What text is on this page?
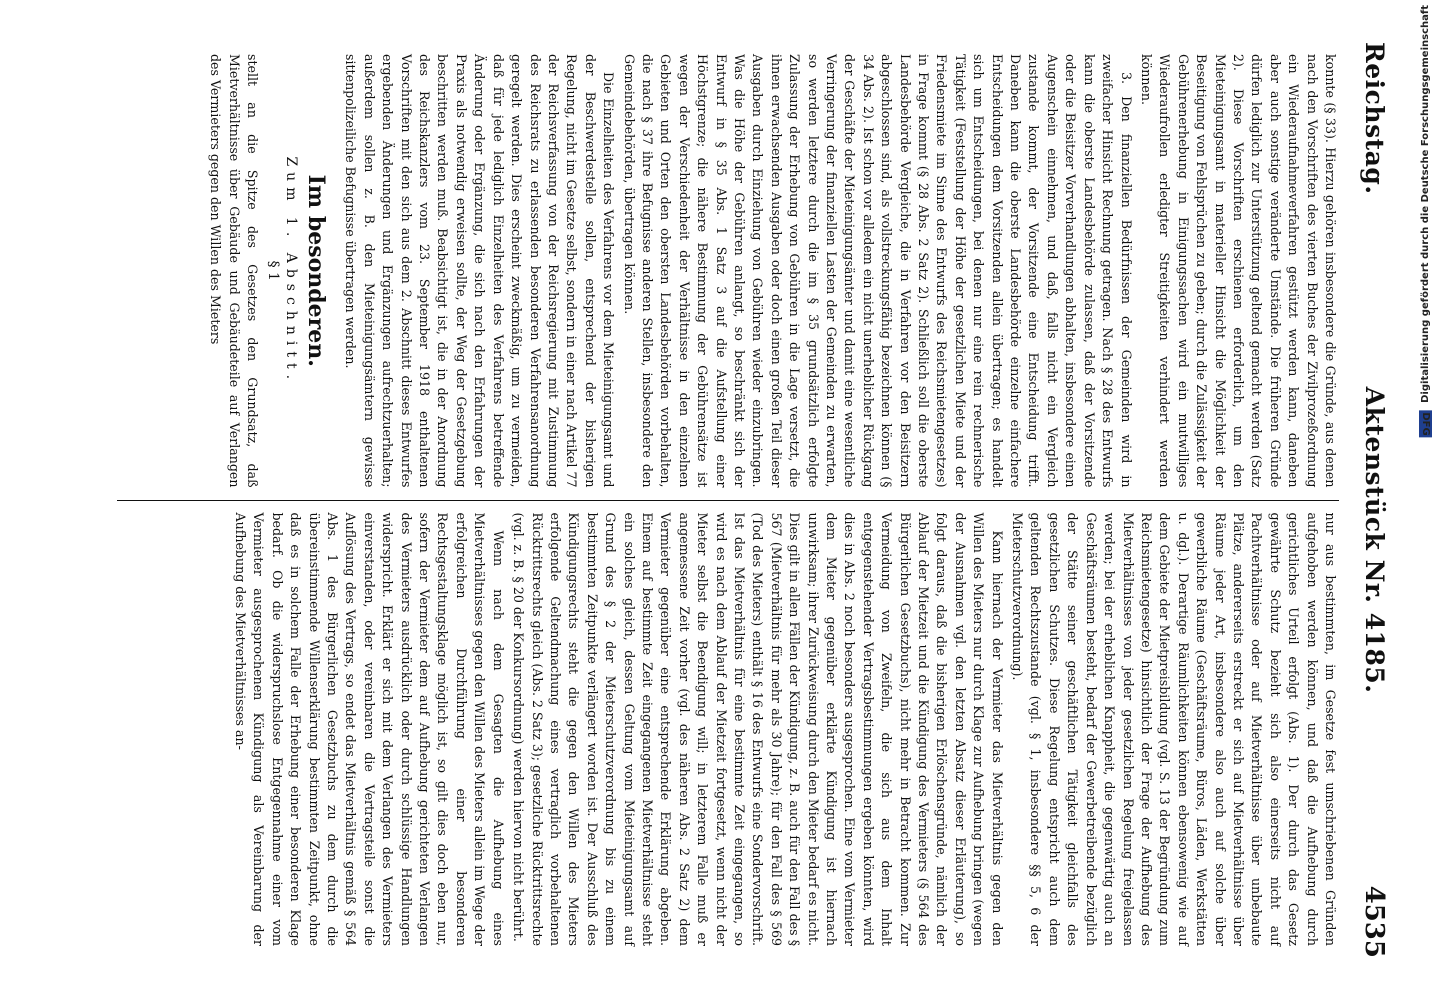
Reichstag.
Aktenstück Nr. 4185.
4535

konnte (§ 33). Hierzu gehören insbesondere die Gründe, aus denen nach den Vorschriften des vierten Buches der Zivilprozeßordnung ein Wiederaufnahmeverfahren gestützt werden kann, daneben aber auch sonstige veränderte Umstände. Die früheren Gründe dürfen lediglich zur Unterstützung geltend gemacht werden (Satz 2). Diese Vorschriften erschienen erforderlich, um den Mieteinigungsamt in materieller Hinsicht die Möglichkeit der Beseitigung von Fehlsprüchen zu geben; durch die Zulässigkeit der Gebührenerhebung in Einigungssachen wird ein mutwilliges Wiederaufrollen erledigter Streitigkeiten verhindert werden können.

3. Den finanziellen Bedürfnissen der Gemeinden wird in zweifacher Hinsicht Rechnung getragen. Nach § 28 des Entwurfs kann die oberste Landesbehörde zulassen, daß der Vorsitzende oder die Beisitzer Vorverhandlungen abhalten, insbesondere einen Augenschein einnehmen, und daß, falls nicht ein Vergleich zustande kommt, der Vorsitzende eine Entscheidung trifft. Daneben kann die oberste Landesbehörde einzelne einfachere Entscheidungen dem Vorsitzenden allein übertragen; es handelt sich um Entscheidungen, bei denen nur eine rein rechnerische Tätigkeit (Feststellung der Höhe der gesetzlichen Miete und der Friedensmiete im Sinne des Entwurfs des Reichsmietengesetzes) in Frage kommt (§ 28 Abs. 2 Satz 2). Schließlich soll die oberste Landesbehörde Vergleiche, die in Verfahren vor den Beisitzern abgeschlossen sind, als vollstreckungsfähig bezeichnen können (§ 34 Abs. 2). Ist schon vor alledem ein nicht unerheblicher Rückgang der Geschäfte der Mieteinigungsämter und damit eine wesentliche Verringerung der finanziellen Lasten der Gemeinden zu erwarten, so werden letztere durch die im § 35 grundsätzlich erfolgte Zulassung der Erhebung von Gebühren in die Lage versetzt, die ihnen erwachsenden Ausgaben oder doch einen großen Teil dieser Ausgaben durch Einziehung von Gebühren wieder einzubringen. Was die Höhe der Gebühren anlangt, so beschränkt sich der Entwurf in § 35 Abs. 1 Satz 3 auf die Aufstellung einer Höchstgrenze; die nähere Bestimmung der Gebührensätze ist wegen der Verschiedenheit der Verhältnisse in den einzelnen Gebieten und Orten den obersten Landesbehörden vorbehalten, die nach § 37 ihre Befugnisse anderen Stellen, insbesondere den Gemeindebehörden, übertragen können.

Die Einzelheiten des Verfahrens vor dem Mieteinigungsamt und der Beschwerdestelle sollen, entsprechend der bisherigen Regelung, nicht im Gesetze selbst, sondern in einer nach Artikel 77 der Reichsverfassung von der Reichsregierung mit Zustimmung des Reichsrats zu erlassenden besonderen Verfahrensanordnung geregelt werden. Dies erscheint zweckmäßig, um zu vermeiden, daß für jede lediglich Einzelheiten des Verfahrens betreffende Änderung oder Ergänzung, die sich nach den Erfahrungen der Praxis als notwendig erweisen sollte, der Weg der Gesetzgebung beschritten werden muß. Beabsichtigt ist, die in der Anordnung des Reichskanzlers vom 23. September 1918 enthaltenen Vorschriften mit den sich aus dem 2. Abschnitt dieses Entwurfes ergebenden Änderungen und Ergänzungen aufrechtzuerhalten; außerdem sollen z. B. den Mieteinigungsämtern gewisse sittenpolizeiliche Befugnisse übertragen werden.

Im besonderen.
Zum 1. Abschnitt.
§ 1

stellt an die Spitze des Gesetzes den Grundsatz, daß Mietverhältnisse über Gebäude und Gebäudeteile auf Verlangen des Vermieters gegen den Willen des Mieters

nur aus bestimmten, im Gesetze fest umschriebenen Gründen aufgehoben werden können, und daß die Aufhebung durch gerichtliches Urteil erfolgt (Abs. 1). Der durch das Gesetz gewährte Schutz bezieht sich also einerseits nicht auf Pachtverhältnisse oder auf Mietverhältnisse über unbebaute Plätze, andererseits erstreckt er sich auf Mietverhältnisse über Räume jeder Art, insbesondere also auch auf solche über gewerbliche Räume (Geschäftsräume, Büros, Läden, Werkstätten u. dgl.). Derartige Räumlichkeiten können ebensowenig wie auf dem Gebiete der Mietpreisbildung (vgl. S. 13 der Begründung zum Reichsmietengesetze) hinsichtlich der Frage der Aufhebung des Mietverhältnisses von jeder gesetzlichen Regelung freigelassen werden; bei der erheblichen Knappheit, die gegenwärtig auch an Geschäftsräumen besteht, bedarf der Gewerbetreibende bezüglich der Stätte seiner geschäftlichen Tätigkeit gleichfalls des gesetzlichen Schutzes. Diese Regelung entspricht auch dem geltenden Rechtszustande (vgl. § 1, insbesondere §§ 5, 6 der Mieterschutzverordnung).

Kann hiernach der Vermieter das Mietverhältnis gegen den Willen des Mieters nur durch Klage zur Aufhebung bringen (wegen der Ausnahmen vgl. den letzten Absatz dieser Erläuterung), so folgt daraus, daß die bisherigen Erlöschensgründe, nämlich der Ablauf der Mietzeit und die Kündigung des Vermieters (§ 564 des Bürgerlichen Gesetzbuchs), nicht mehr in Betracht kommen. Zur Vermeidung von Zweifeln, die sich aus dem Inhalt entgegenstehender Vertragsbestimmungen ergeben könnten, wird dies in Abs. 2 noch besonders ausgesprochen. Eine vom Vermieter dem Mieter gegenüber erklärte Kündigung ist hiernach unwirksam; ihrer Zurückweisung durch den Mieter bedarf es nicht. Dies gilt in allen Fällen der Kündigung, z. B. auch für den Fall des § 567 (Mietverhältnis für mehr als 30 Jahre); für den Fall des § 569 (Tod des Mieters) enthält § 16 des Entwurfs eine Sondervorschrift. Ist das Mietverhältnis für eine bestimmte Zeit eingegangen, so wird es nach dem Ablauf der Mietzeit fortgesetzt, wenn nicht der Mieter selbst die Beendigung will; in letzterem Falle muß er angemessene Zeit vorher (vgl. des näheren Abs. 2 Satz 2) dem Vermieter gegenüber eine entsprechende Erklärung abgeben. Einem auf bestimmte Zeit eingegangenen Mietverhältnisse steht ein solches gleich, dessen Geltung vom Mieteinigungsamt auf Grund des § 2 der Mieterschutzverordnung bis zu einem bestimmten Zeitpunkte verlängert worden ist. Der Ausschluß des Kündigungsrechts steht die gegen den Willen des Mieters erfolgende Geltendmachung eines vertraglich vorbehaltenen Rücktrittsrechts gleich (Abs. 2 Satz 3); gesetzliche Rücktrittsrechte (vgl. z. B. § 20 der Konkursordnung) werden hiervon nicht berührt.

Wenn nach dem Gesagten die Aufhebung eines Mietverhältnisses gegen den Willen des Mieters allein im Wege der erfolgreichen Durchführung einer besonderen Rechtsgestaltungsklage möglich ist, so gilt dies doch eben nur, sofern der Vermieter dem auf Aufhebung gerichteten Verlangen des Vermieters ausdrücklich oder durch schlüssige Handlungen widerspricht. Erklärt er sich mit dem Verlangen des Vermieters einverstanden, oder vereinbaren die Vertragsteile sonst die Auflösung des Vertrags, so endet das Mietverhältnis gemäß § 564 Abs. 1 des Bürgerlichen Gesetzbuchs zu dem durch die übereinstimmende Willenserklärung bestimmten Zeitpunkt, ohne daß es in solchem Falle der Erhebung einer besonderen Klage bedarf. Ob die widerspruchslose Entgegennahme einer vom Vermieter ausgesprochenen Kündigung als Vereinbarung der Aufhebung des Mietverhältnisses an-

DFG Digitalisierung gefördert durch die Deutsche Forschungsgemeinschaft
